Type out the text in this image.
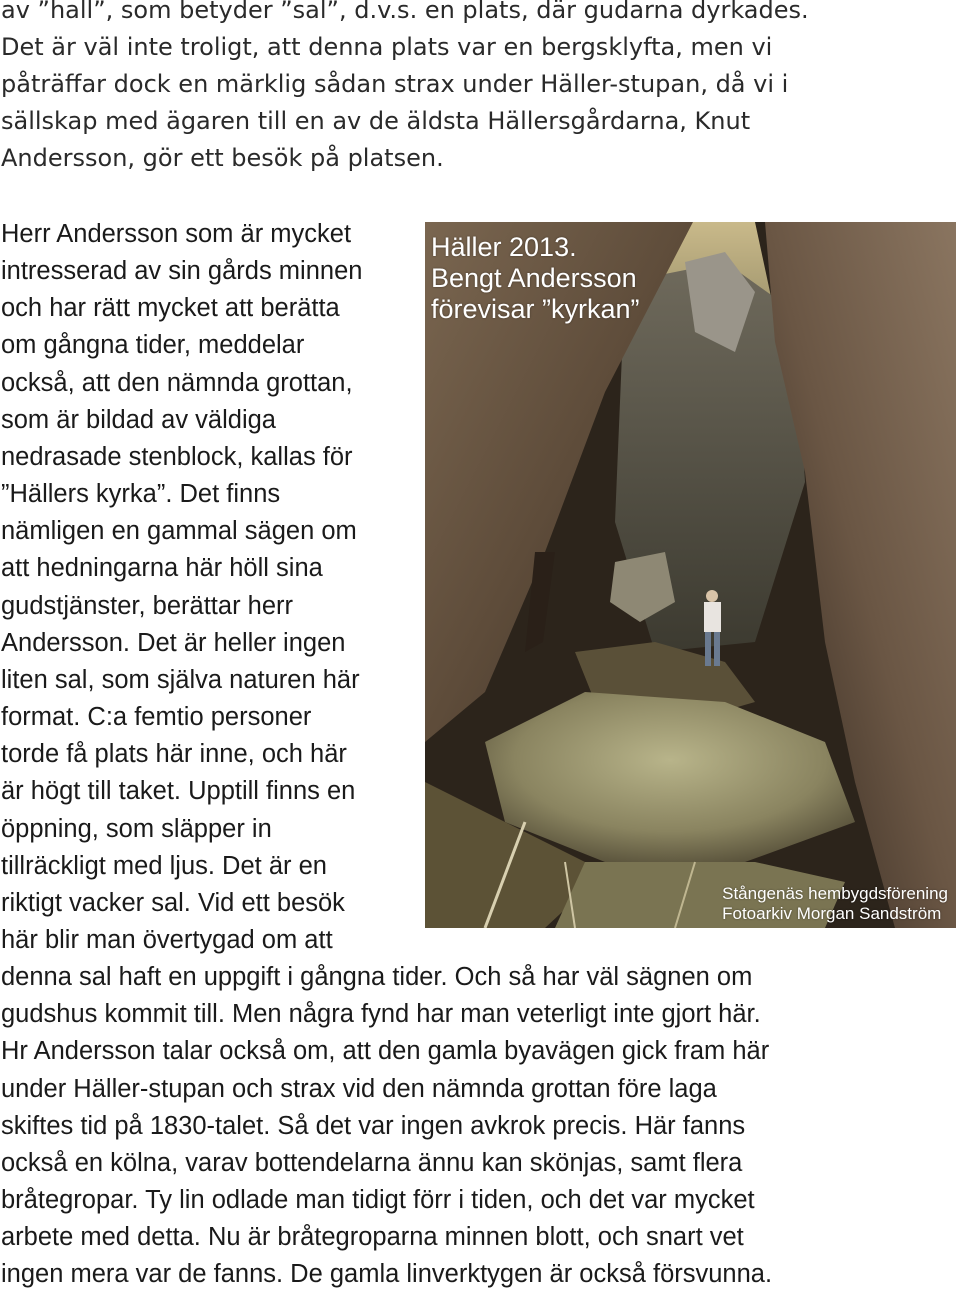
av ”hall”, som betyder ”sal”, d.v.s. en plats, där gudarna dyrkades.
Det är väl inte troligt, att denna plats var en bergsklyfta, men vi
påträffar dock en märklig sådan strax under Häller-stupan, då vi i
sällskap med ägaren till en av de äldsta Hällersgårdarna, Knut
Andersson, gör ett besök på platsen.
Herr Andersson som är mycket
intresserad av sin gårds minnen
och har rätt mycket att berätta
om gångna tider, meddelar
också, att den nämnda grottan,
som är bildad av väldiga
nedrasade stenblock, kallas för
”Hällers kyrka”. Det finns
nämligen en gammal sägen om
att hedningarna här höll sina
gudstjänster, berättar herr
Andersson. Det är heller ingen
liten sal, som själva naturen här
format. C:a femtio personer
torde få plats här inne, och här
är högt till taket. Upptill finns en
öppning, som släpper in
tillräckligt med ljus. Det är en
riktigt vacker sal. Vid ett besök
här blir man övertygad om att
denna sal haft en uppgift i gångna tider. Och så har väl sägnen om
gudshus kommit till. Men några fynd har man veterligt inte gjort här.
Hr Andersson talar också om, att den gamla byavägen gick fram här
under Häller-stupan och strax vid den nämnda grottan före laga
skiftes tid på 1830-talet. Så det var ingen avkrok precis. Här fanns
också en kölna, varav bottendelarna ännu kan skönjas, samt flera
bråtegropar. Ty lin odlade man tidigt förr i tiden, och det var mycket
arbete med detta. Nu är bråtegroparna minnen blott, och snart vet
ingen mera var de fanns. De gamla linverktygen är också försvunna.
Häller 2013.
Bengt Andersson
förevisar ”kyrkan”
Stångenäs hembygdsförening
Fotoarkiv Morgan Sandström
